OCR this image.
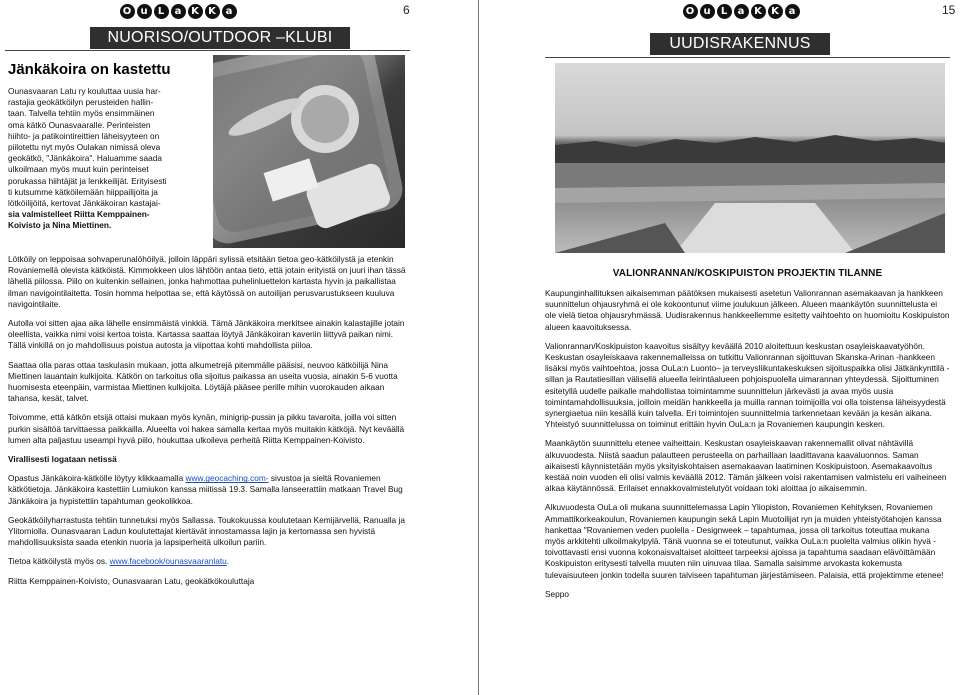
6
O u L a K K a
NUORISO/OUTDOOR –KLUBI
Jänkäkoira on kastettu
Ounasvaaran Latu ry kouluttaa uusia har-
rastajia geokätköilyn perusteiden hallin-
taan. Talvella tehtiin myös ensimmäinen
oma kätkö Ounasvaaralle. Perinteisten
hiihto- ja patikointireittien läheisyyteen on
piilotettu nyt myös Oulakan nimissä oleva
geokätkö, "Jänkäkoira". Haluamme saada
ulkoilmaan myös muut kuin perinteiset
porukassa hiihtäjät ja lenkkeilijät. Erityisesti
ti kutsumme kätköilemään hiippailijoita ja
lötköilijöitä, kertovat Jänkäkoiran kastajai-
sia valmistelleet Riitta Kemppainen-
Koivisto ja Nina Miettinen.

Lötköily on leppoisaa sohvaperunalöhöilyä, jolloin läppäri sylissä etsitään tietoa geo-kätköilystä ja etenkin Rovaniemellä olevista kätköistä. Kimmokkeen ulos lähtöön antaa tieto, että jotain erityistä on juuri ihan tässä lähellä piilossa. Piilo on kuitenkin sellainen, jonka hahmottaa puhelinluettelon kartasta hyvin ja paikallistaa ilman navigointilaitetta. Tosin homma helpottaa se, että käytössä on autoilijan perusvarustukseen kuuluva navigointilaite.

Autolla voi sitten ajaa aika lähelle ensimmäistä vinkkiä. Tämä Jänkäkoira merkitsee ainakin kalastajille jotain oleellista, vaikka nimi voisi kertoa toista. Kartassa saattaa löytyä Jänkäkoiran kaveriin liittyvä paikan nimi. Tällä vinkillä on jo mahdollisuus poistua autosta ja viipottaa kohti mahdollista piiloa.

Saattaa olla paras ottaa taskulasin mukaan, jotta alkumetrejä pitemmälle pääsisi, neuvoo kätköilijä Nina Miettinen lauantain kulkijoita. Kätkön on tarkoitus olla sijoitus paikassa an useita vuosia, ainakin 5-6 vuotta huomisesta eteenpäin, varmistaa Miettinen kulkijoita. Löytäjä pääsee perille mihin vuorokauden aikaan tahansa, kesät, talvet.

Toivomme, että kätkön etsijä ottaisi mukaan myös kynän, minigrip-pussin ja pikku tavaroita, joilla voi sitten purkin sisältöä tarvittaessa paikkailla. Alueelta voi hakea samalla kertaa myös muitakin kätköjä. Nyt keväällä lumen alta paljastuu useampi hyvä piilo, houkuttaa ulkoileva perheitä Riitta Kemppainen-Koivisto.

Virallisesti logataan netissä

Opastus Jänkäkoira-kätkölle löytyy klikkaamalla www.geocaching.com- sivustoa ja sieltä Rovaniemen kätkötietoja. Jänkäkoira kastettiin Lumiukon kanssa miitissä 19.3. Samalla lanseerattiin matkaan Travel Bug Jänkäkoira ja hypistettiin tapahtuman geokolikkoa.

Geokätköilyharrastusta tehtiin tunnetuksi myös Sallassa. Toukokuussa koulutetaan Kemijärvellä, Ranualla ja Ylitorniolla. Ounasvaaran Ladun koulutettajat kiertävät innostamassa lajin ja kertomassa sen hyvistä mahdollisuuksista saada etenkin nuoria ja lapsiperheitä ulkoilun pariin.

Tietoa kätköilystä myös os. www.facebook/ounasvaaranlatu.

Riitta Kemppainen-Koivisto, Ounasvaaran Latu, geokätkökouluttaja

15
O u L a K K a
UUDISRAKENNUS
VALIONRANNAN/KOSKIPUISTON PROJEKTIN TILANNE

Kaupunginhallituksen aikaisemman päätöksen mukaisesti asetetun Valionrannan asemakaavan ja hankkeen suunnittelun ohjausryhmä ei ole kokoontunut viime joulukuun jälkeen. Alueen maankäytön suunnittelusta ei ole vielä tietoa ohjausryhmässä. Uudisrakennus hankkeellemme esitetty vaihtoehto on huomioitu Koskipuiston alueen kaavoituksessa.

Valionrannan/Koskipuiston kaavoitus sisältyy keväällä 2010 aloitettuun keskustan osayleiskaavatyöhön. Keskustan osayleiskaava rakennemalleissa on tutkittu Valionrannan sijoittuvan Skanska-Arinan -hankkeen lisäksi myös vaihtoehtoa, jossa OuLa:n Luonto– ja terveysliikuntakeskuksen sijoituspaikka olisi Jätkänkynttilä -sillan ja Rautatiesillan välisellä alueella leirintäalueen pohjoispuolella uimarannan yhteydessä. Sijoittuminen esitetyllä uudelle paikalle mahdollistaa toimintamme suunnittelun järkevästi ja avaa myös uusia toimintamahdollisuuksia, joilloin meidän hankkeella ja muilla rannan toimijoilla voi olla toistensa läheisyydestä synergiaetua niin kesällä kuin talvella. Eri toimintojen suunnittelmia tarkennetaan kevään ja kesän aikana. Yhteistyö suunnittelussa on toiminut erittäin hyvin OuLa:n ja Rovaniemen kaupungin kesken.

Maankäytön suunnittelu etenee vaiheittain. Keskustan osayleiskaavan rakennemallit olivat nähtävillä alkuvuodesta. Niistä saadun palautteen perusteella on parhaillaan laadittavana kaavaluonnos. Saman aikaisesti käynnistetään myös yksityiskohtaisen asemakaavan laatiminen Koskipuistoon. Asemakaavoitus kestää noin vuoden eli olisi valmis keväällä 2012. Tämän jälkeen voisi rakentamisen valmistelu eri vaiheineen alkaa käytännössä. Erilaiset ennakkovalmistelutyöt voidaan toki aloittaa jo aikaisemmin.

Alkuvuodesta OuLa oli mukana suunnittelemassa Lapin Yliopiston, Rovaniemen Kehityksen, Rovaniemen Ammattikorkeakoulun, Rovaniemen kaupungin sekä Lapin Muotoilijat ryn ja muiden yhteistyötahojen kanssa hankettaa "Rovaniemen veden puolella - Designweek – tapahtumaa, jossa oli tarkoitus toteuttaa mukana myös arkkitehti ulkoilmakylpylä. Tänä vuonna se ei toteutunut, vaikka OuLa:n puolelta valmius olikin hyvä - toivottavasti ensi vuonna kokonaisvaltaiset aloitteet tarpeeksi ajoissa ja tapahtuma saadaan elävöittämään Koskipuiston eritysesti talvella muuten niin uinuvaa tilaa. Samalla saisimme arvokasta kokemusta tulevaisuuteen jonkin todella suuren talviseen tapahtuman järjestämiseen. Palaisia, että projektimme etenee!

Seppo
